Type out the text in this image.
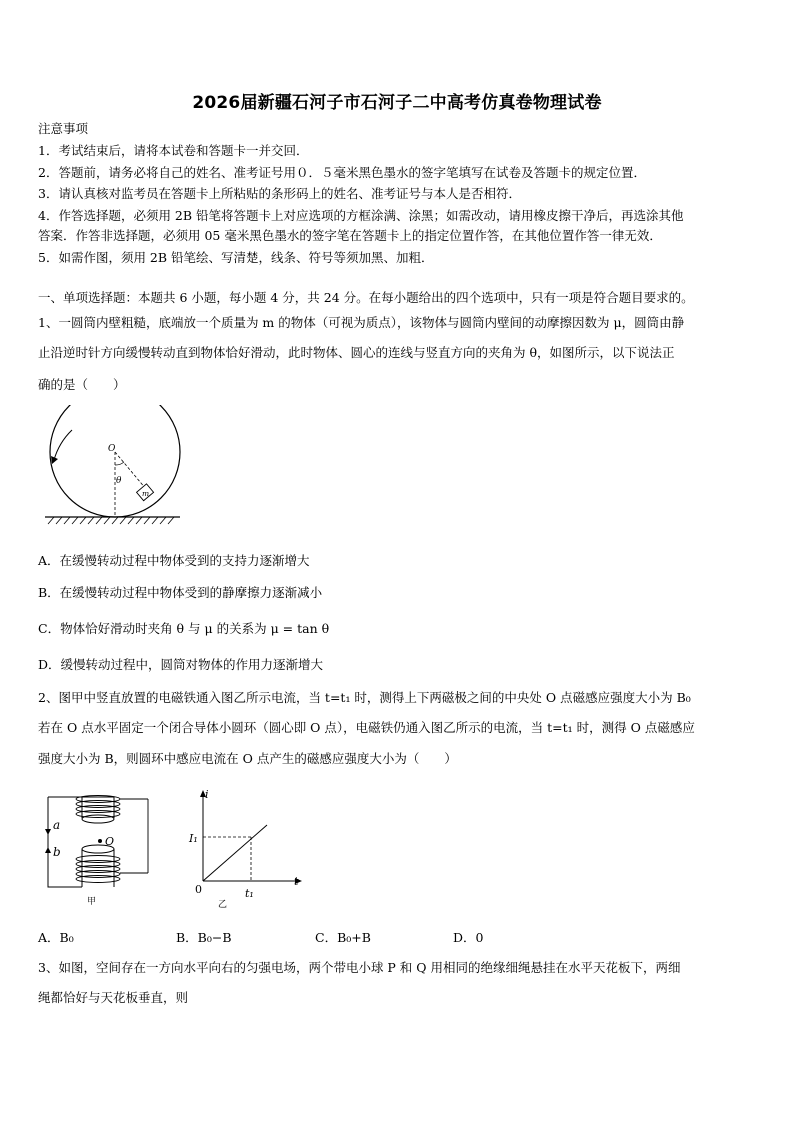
2026届新疆石河子市石河子二中高考仿真卷物理试卷
注意事项
1．考试结束后，请将本试卷和答题卡一并交回．
2．答题前，请务必将自己的姓名、准考证号用０．５毫米黑色墨水的签字笔填写在试卷及答题卡的规定位置．
3．请认真核对监考员在答题卡上所粘贴的条形码上的姓名、准考证号与本人是否相符．
4．作答选择题，必须用 2B 铅笔将答题卡上对应选项的方框涂满、涂黑；如需改动，请用橡皮擦干净后，再选涂其他
答案．作答非选择题，必须用 05 毫米黑色墨水的签字笔在答题卡上的指定位置作答，在其他位置作答一律无效．
5．如需作图，须用 2B 铅笔绘、写清楚，线条、符号等须加黑、加粗．
一、单项选择题：本题共 6 小题，每小题 4 分，共 24 分。在每小题给出的四个选项中，只有一项是符合题目要求的。
1、一圆筒内壁粗糙，底端放一个质量为 m 的物体（可视为质点），该物体与圆筒内壁间的动摩擦因数为 μ，圆筒由静
止沿逆时针方向缓慢转动直到物体恰好滑动，此时物体、圆心的连线与竖直方向的夹角为 θ，如图所示，以下说法正
确的是（　　）
O
θ
m
A．在缓慢转动过程中物体受到的支持力逐渐增大
B．在缓慢转动过程中物体受到的静摩擦力逐渐减小
C．物体恰好滑动时夹角 θ 与 μ 的关系为 μ = tan θ
D．缓慢转动过程中，圆筒对物体的作用力逐渐增大
2、图甲中竖直放置的电磁铁通入图乙所示电流，当 t=t₁ 时，测得上下两磁极之间的中央处 O 点磁感应强度大小为 B₀
若在 O 点水平固定一个闭合导体小圆环（圆心即 O 点），电磁铁仍通入图乙所示的电流，当 t=t₁ 时，测得 O 点磁感应
强度大小为 B，则圆环中感应电流在 O 点产生的磁感应强度大小为（　　）
a
b
O
甲
i
t
0
I₁
t₁
乙
A．B₀	B．B₀−B	C．B₀+B	D．0
3、如图，空间存在一方向水平向右的匀强电场，两个带电小球 P 和 Q 用相同的绝缘细绳悬挂在水平天花板下，两细
绳都恰好与天花板垂直，则
